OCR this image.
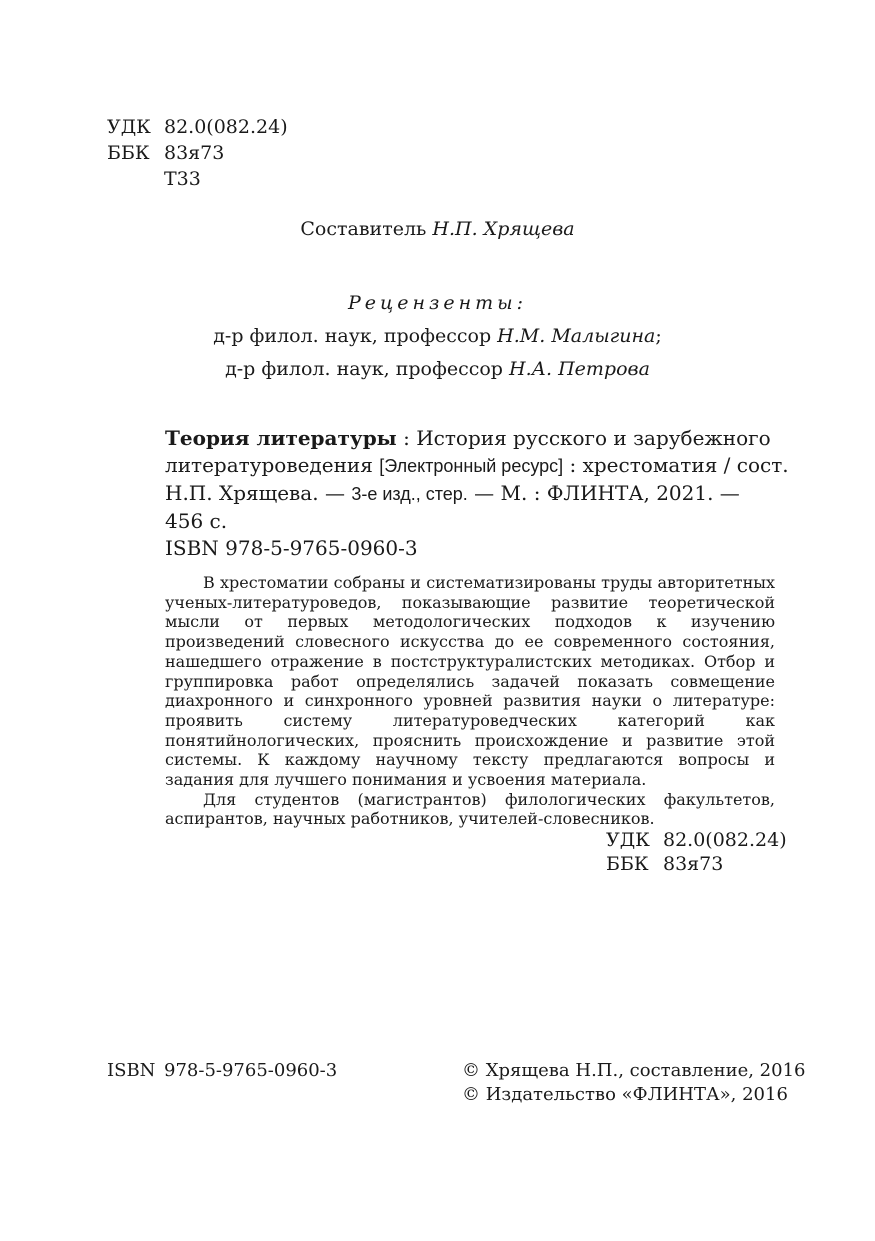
УДК 82.0(082.24)
ББК 83я73
Т33
Составитель Н.П. Хрящева
Рецензенты:
д-р филол. наук, профессор Н.М. Малыгина;
д-р филол. наук, профессор Н.А. Петрова
Теория литературы : История русского и зарубежного
литературоведения [Электронный ресурс] : хрестоматия / сост.
Н.П. Хрящева. — 3-е изд., стер. — М. : ФЛИНТА, 2021. —
456 с.
ISBN 978-5-9765-0960-3

В хрестоматии собраны и систематизированы труды авторитетных ученых-литературоведов, показывающие развитие теоретической мысли от первых методологических подходов к изучению произведений словесного искусства до ее современного состояния, нашедшего отражение в постструктуралистских методиках. Отбор и группировка работ определялись задачей показать совмещение диахронного и синхронного уровней развития науки о литературе: проявить систему литературоведческих категорий как понятийнологических, прояснить происхождение и развитие этой системы. К каждому научному тексту предлагаются вопросы и задания для лучшего понимания и усвоения материала.

Для студентов (магистрантов) филологических факультетов, аспирантов, научных работников, учителей-словесников.

УДК 82.0(082.24)
ББК 83я73
ISBN 978-5-9765-0960-3	© Хрящева Н.П., составление, 2016
© Издательство «ФЛИНТА», 2016
